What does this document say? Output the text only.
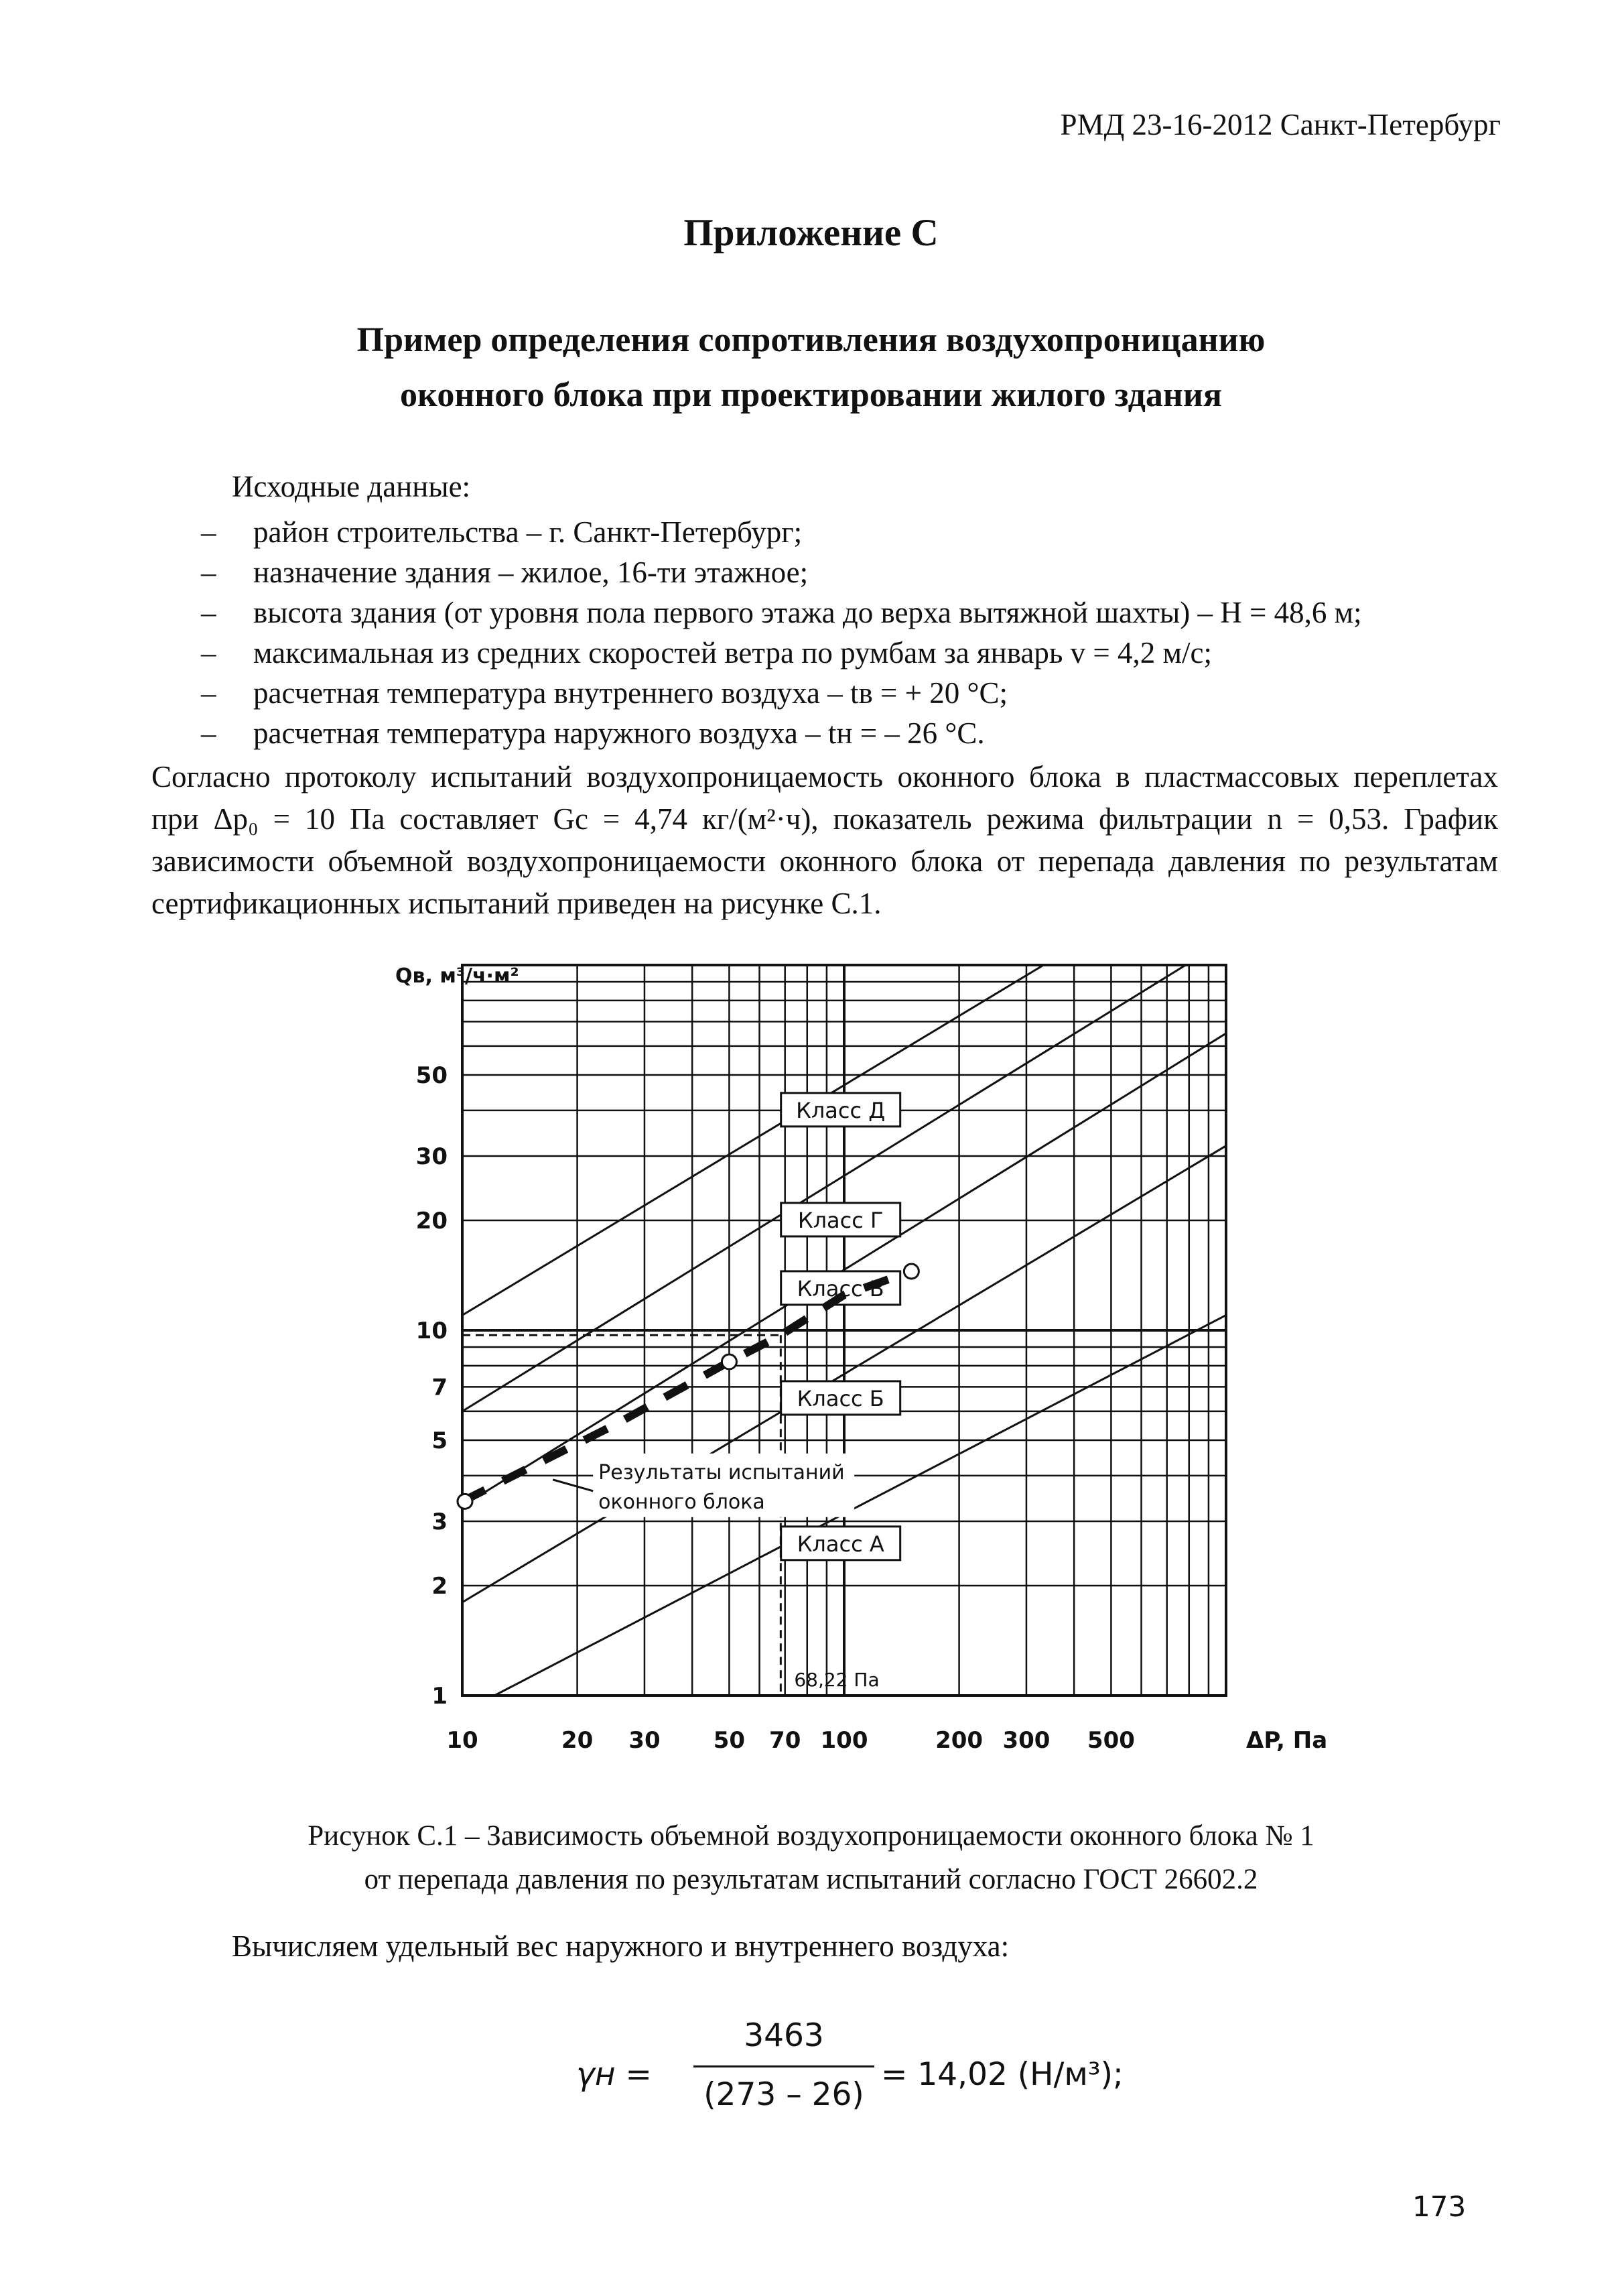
РМД 23-16-2012 Санкт-Петербург
Приложение С
Пример определения сопротивления воздухопроницанию
оконного блока при проектировании жилого здания
Исходные данные:
– район строительства – г. Санкт-Петербург;
– назначение здания – жилое, 16-ти этажное;
– высота здания (от уровня пола первого этажа до верха вытяжной шахты) – H = 48,6 м;
– максимальная из средних скоростей ветра по румбам за январь v = 4,2 м/с;
– расчетная температура внутреннего воздуха – tв = + 20 °С;
– расчетная температура наружного воздуха – tн = – 26 °С.
Согласно протоколу испытаний воздухопроницаемость оконного блока в пластмассовых переплетах при Δp₀ = 10 Па составляет Gс = 4,74 кг/(м²·ч), показатель режима фильтрации n = 0,53. График зависимости объемной воздухопроницаемости оконного блока от перепада давления по результатам сертификационных испытаний приведен на рисунке С.1.
Класс А
Класс Б
Класс В
Класс Г
Класс Д
68,22 Па
10	20 30 50 70 100	200 300 500
1
2
3
5
7
10
20
30
50
ΔP, Па
Qв, м³/ч·м²
Результаты испытаний
оконного блока
Рисунок С.1 – Зависимость объемной воздухопроницаемости оконного блока № 1
от перепада давления по результатам испытаний согласно ГОСТ 26602.2
Вычисляем удельный вес наружного и внутреннего воздуха:
γн =
3463
(273 – 26)
= 14,02 (Н/м³);
173
